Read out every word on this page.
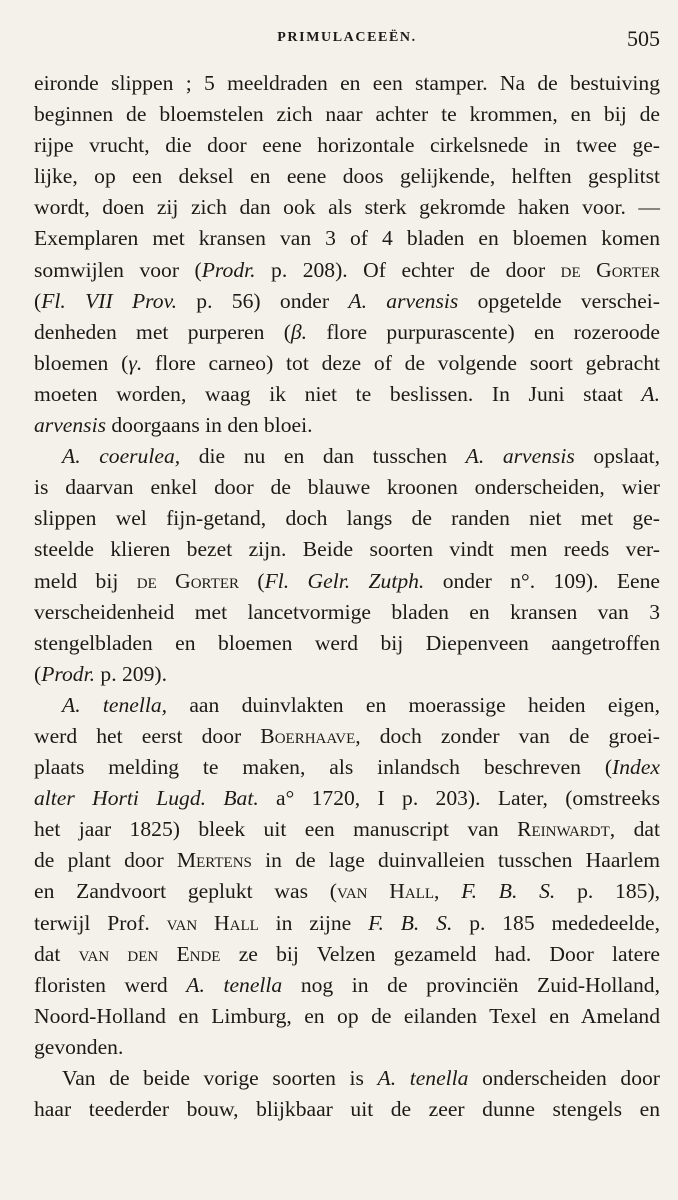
PRIMULACEEËN.	505
eironde slippen ; 5 meeldraden en een stamper. Na de bestuiving
beginnen de bloemstelen zich naar achter te krommen, en bij de
rijpe vrucht, die door eene horizontale cirkelsnede in twee ge-
lijke, op een deksel en eene doos gelijkende, helften gesplitst
wordt, doen zij zich dan ook als sterk gekromde haken voor. —
Exemplaren met kransen van 3 of 4 bladen en bloemen komen
somwijlen voor (Prodr. p. 208). Of echter de door de Gorter
(Fl. VII Prov. p. 56) onder A. arvensis opgetelde verschei-
denheden met purperen (β. flore purpurascente) en rozeroode
bloemen (γ. flore carneo) tot deze of de volgende soort gebracht
moeten worden, waag ik niet te beslissen. In Juni staat A.
arvensis doorgaans in den bloei.
A. coerulea, die nu en dan tusschen A. arvensis opslaat,
is daarvan enkel door de blauwe kroonen onderscheiden, wier
slippen wel fijn-getand, doch langs de randen niet met ge-
steelde klieren bezet zijn. Beide soorten vindt men reeds ver-
meld bij de Gorter (Fl. Gelr. Zutph. onder n°. 109). Eene
verscheidenheid met lancetvormige bladen en kransen van 3
stengelbladen en bloemen werd bij Diepenveen aangetroffen
(Prodr. p. 209).
A. tenella, aan duinvlakten en moerassige heiden eigen,
werd het eerst door Boerhaave, doch zonder van de groei-
plaats melding te maken, als inlandsch beschreven (Index
alter Horti Lugd. Bat. a° 1720, I p. 203). Later, (omstreeks
het jaar 1825) bleek uit een manuscript van Reinwardt, dat
de plant door Mertens in de lage duinvalleien tusschen Haarlem
en Zandvoort geplukt was (van Hall, F. B. S. p. 185),
terwijl Prof. van Hall in zijne F. B. S. p. 185 mededeelde,
dat van den Ende ze bij Velzen gezameld had. Door latere
floristen werd A. tenella nog in de provinciën Zuid-Holland,
Noord-Holland en Limburg, en op de eilanden Texel en Ameland
gevonden.
Van de beide vorige soorten is A. tenella onderscheiden door
haar teederder bouw, blijkbaar uit de zeer dunne stengels en
